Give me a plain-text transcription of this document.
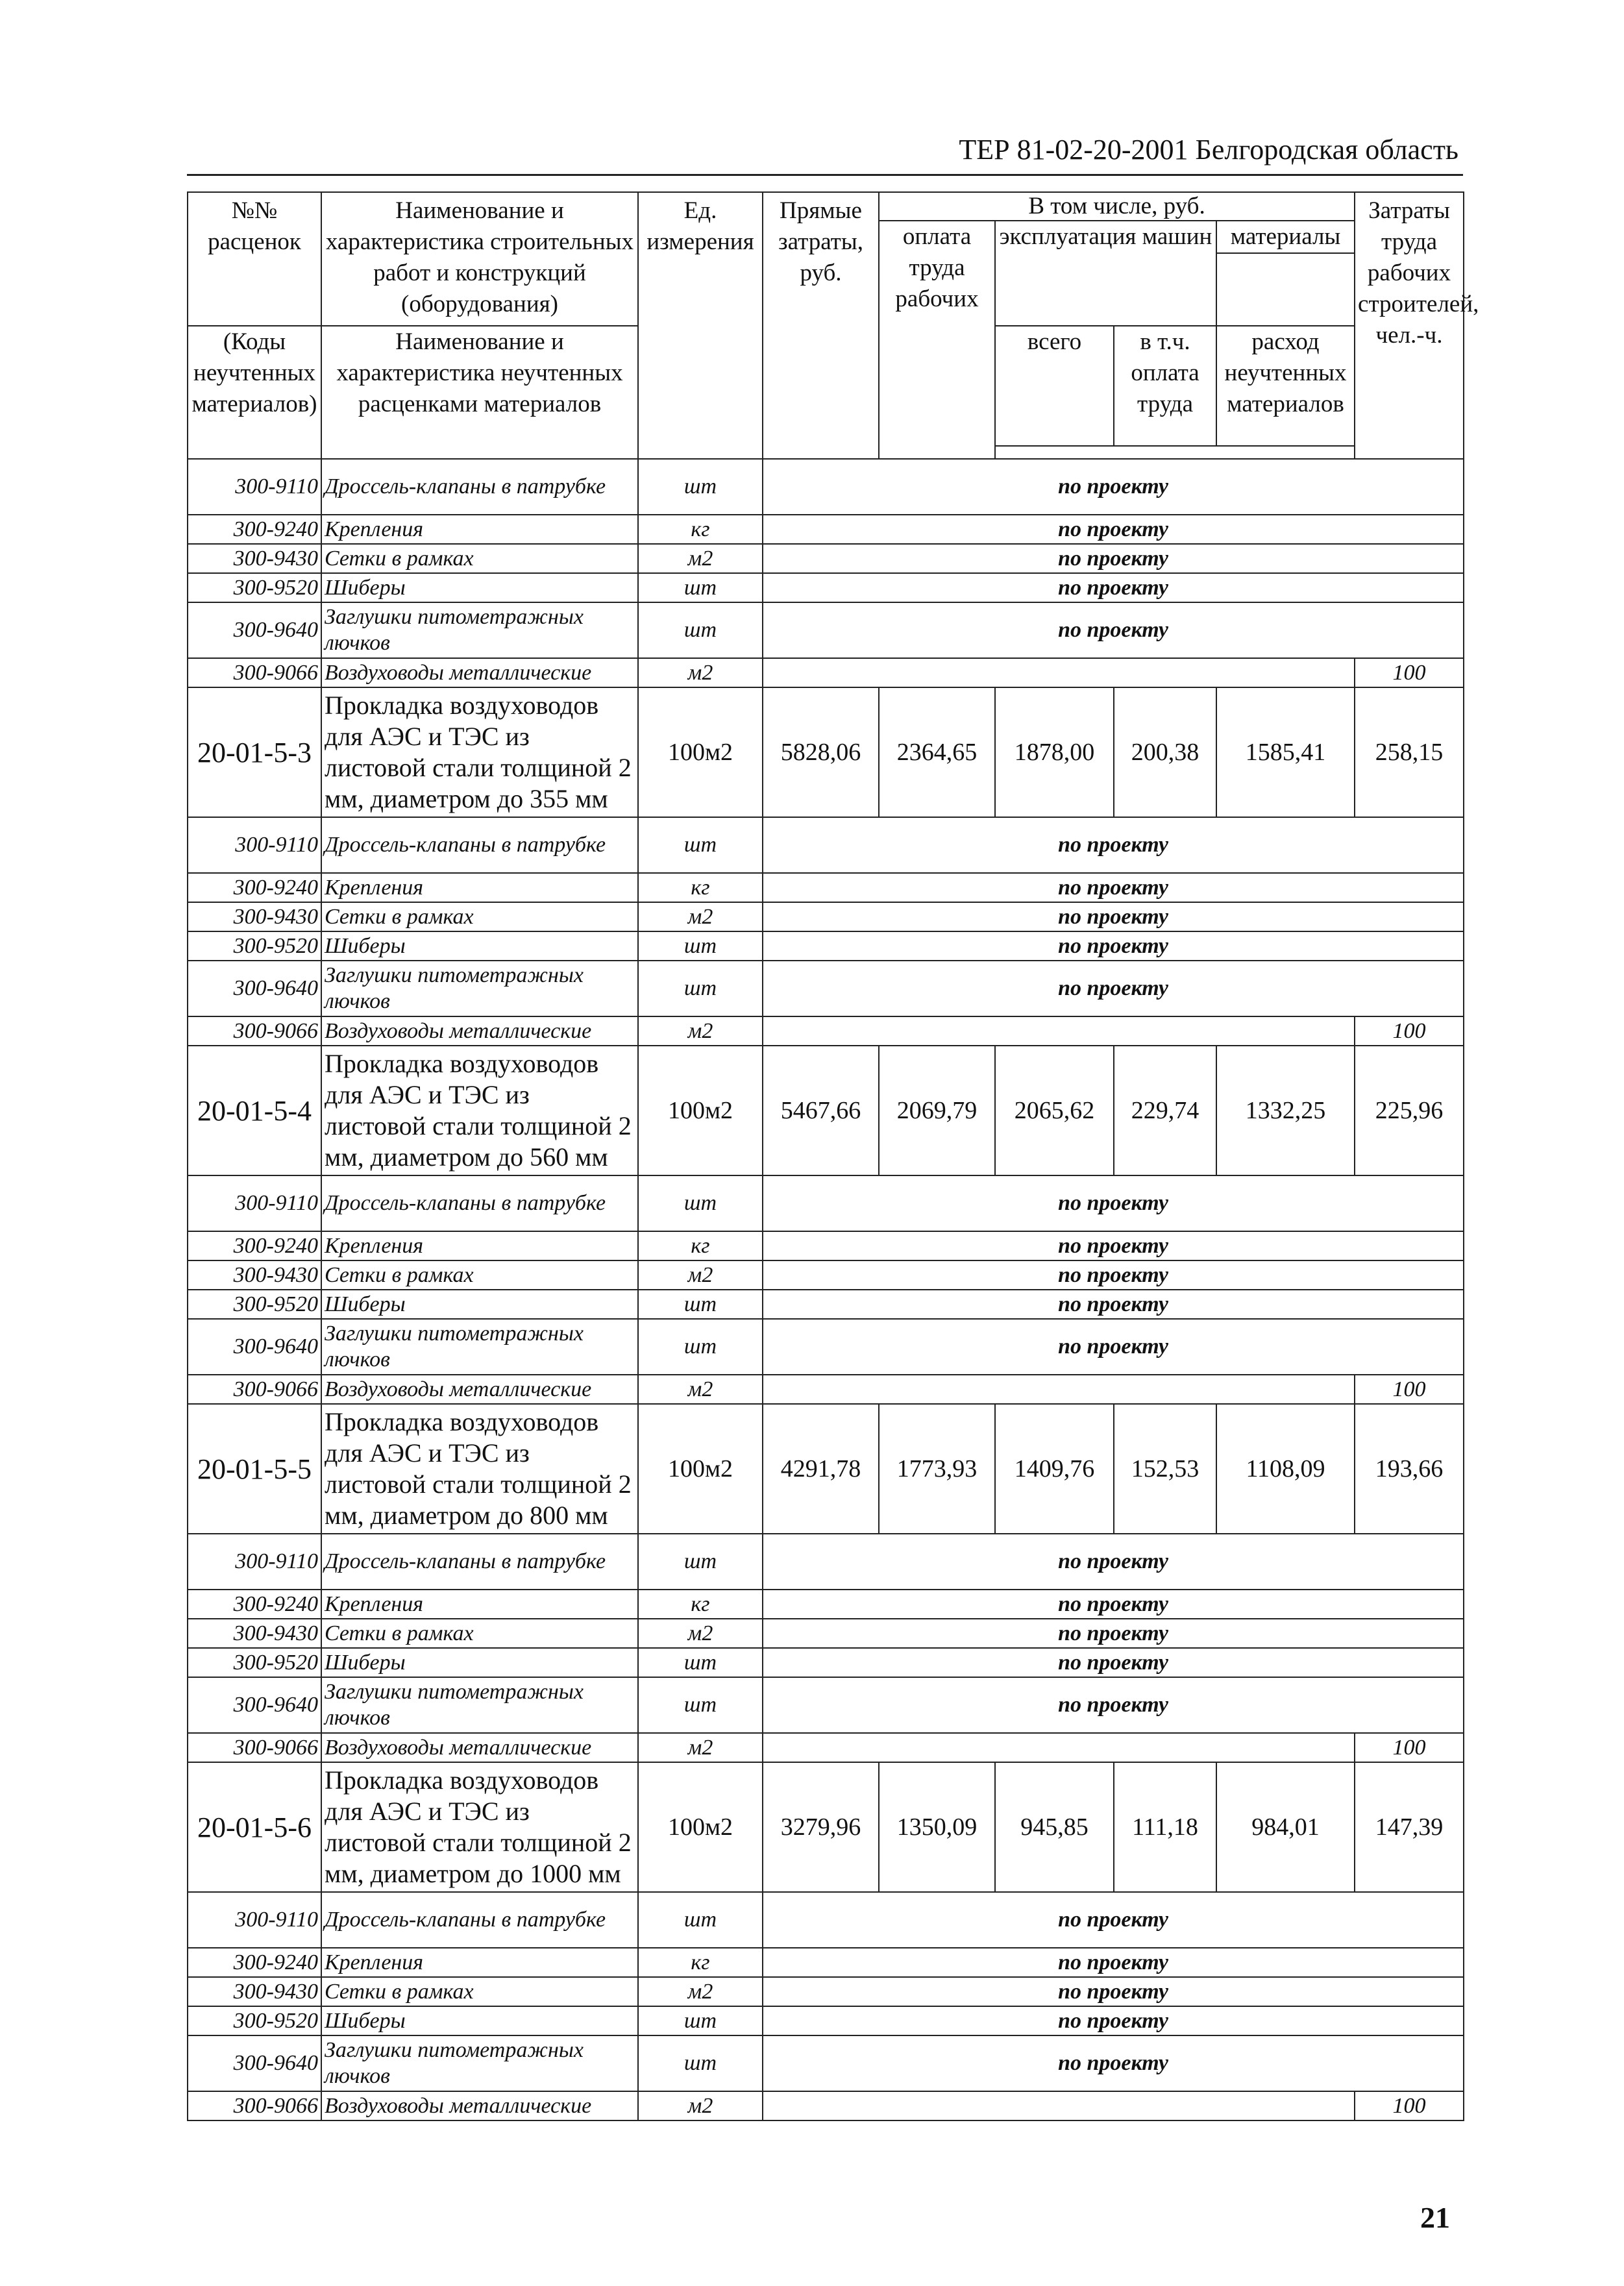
ТЕР 81-02-20-2001 Белгородская область
№№ расценок	Наименование и характеристика строительных работ и конструкций (оборудования)	Ед. измерения	Прямые затраты, руб.	В том числе, руб.				Затраты труда рабочих строителей, чел.-ч.	
				оплата труда рабочих	эксплуатация машин		материалы		

(Коды неучтенных материалов)	Наименование и характеристика неучтенных расценками материалов				всего	в т.ч. оплата труда	расход неучтенных материалов		

300-9110	Дроссель-клапаны в патрубке	шт	по проекту						
300-9240	Крепления	кг	по проекту						
300-9430	Сетки в рамках	м2	по проекту						
300-9520	Шиберы	шт	по проекту						
300-9640	Заглушки питометражных лючков	шт	по проекту						
300-9066	Воздуховоды металлические	м2						100	
20-01-5-3	Прокладка воздуховодов для АЭС и ТЭС из листовой стали толщиной 2 мм, диаметром до 355 мм	100м2	5828,06	2364,65	1878,00	200,38	1585,41	258,15	
300-9110	Дроссель-клапаны в патрубке	шт	по проекту						
300-9240	Крепления	кг	по проекту						
300-9430	Сетки в рамках	м2	по проекту						
300-9520	Шиберы	шт	по проекту						
300-9640	Заглушки питометражных лючков	шт	по проекту						
300-9066	Воздуховоды металлические	м2						100	
20-01-5-4	Прокладка воздуховодов для АЭС и ТЭС из листовой стали толщиной 2 мм, диаметром до 560 мм	100м2	5467,66	2069,79	2065,62	229,74	1332,25	225,96	
300-9110	Дроссель-клапаны в патрубке	шт	по проекту						
300-9240	Крепления	кг	по проекту						
300-9430	Сетки в рамках	м2	по проекту						
300-9520	Шиберы	шт	по проекту						
300-9640	Заглушки питометражных лючков	шт	по проекту						
300-9066	Воздуховоды металлические	м2						100	
20-01-5-5	Прокладка воздуховодов для АЭС и ТЭС из листовой стали толщиной 2 мм, диаметром до 800 мм	100м2	4291,78	1773,93	1409,76	152,53	1108,09	193,66	
300-9110	Дроссель-клапаны в патрубке	шт	по проекту						
300-9240	Крепления	кг	по проекту						
300-9430	Сетки в рамках	м2	по проекту						
300-9520	Шиберы	шт	по проекту						
300-9640	Заглушки питометражных лючков	шт	по проекту						
300-9066	Воздуховоды металлические	м2						100	
20-01-5-6	Прокладка воздуховодов для АЭС и ТЭС из листовой стали толщиной 2 мм, диаметром до 1000 мм	100м2	3279,96	1350,09	945,85	111,18	984,01	147,39	
300-9110	Дроссель-клапаны в патрубке	шт	по проекту						
300-9240	Крепления	кг	по проекту						
300-9430	Сетки в рамках	м2	по проекту						
300-9520	Шиберы	шт	по проекту						
300-9640	Заглушки питометражных лючков	шт	по проекту						
300-9066	Воздуховоды металлические	м2						100	
21
